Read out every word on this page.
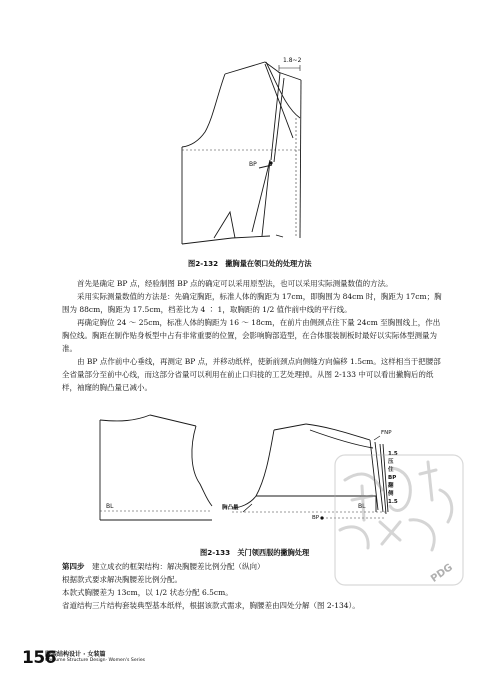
1.8~2
BP
图2-132　撇胸量在领口处的处理方法

首先是确定 BP 点，经验制图 BP 点的确定可以采用原型法，也可以采用实际测量数值的方法。

采用实际测量数值的方法是：先确定胸距，标准人体的胸距为 17cm，即胸围为 84cm 时，胸距为 17cm；胸围为 88cm，胸距为 17.5cm，档差比为 4 ∶ 1，取胸距的 1/2 值作前中线的平行线。

再确定胸位 24 ～ 25cm，标准人体的胸距为 16 ～ 18cm，在前片由侧颈点往下量 24cm 至胸围线上，作出胸位线。胸距在制作贴身板型中占有非常重要的位置，会影响胸部造型，在合体服装制板时最好以实际体型测量为准。

由 BP 点作前中心垂线，再测定 BP 点，并移动纸样，使新前颈点向侧缝方向偏移 1.5cm。这样相当于把腰部全省量部分至前中心线，而这部分省量可以利用在前止口归拢的工艺处理掉。从图 2-133 中可以看出撇胸后的纸样，袖窿的胸凸量已减小。

BL	BL
胸凸量
BP
FNP
1.5
压
住
BP
翻
侧
1.5
图2-133　关门领西服的撇胸处理
PDG
第四步　建立成衣的框架结构：解决胸腰差比例分配（纵向）
根据款式要求解决胸腰差比例分配。
本款式胸腰差为 13cm，以 1/2 状态分配 6.5cm。
省道结构三片结构套装典型基本纸样，根据该款式需求，胸腰差由四处分解（图 2-134）。
156
服装结构设计 · 女装篇
Costume Structure Design· Women's Series
